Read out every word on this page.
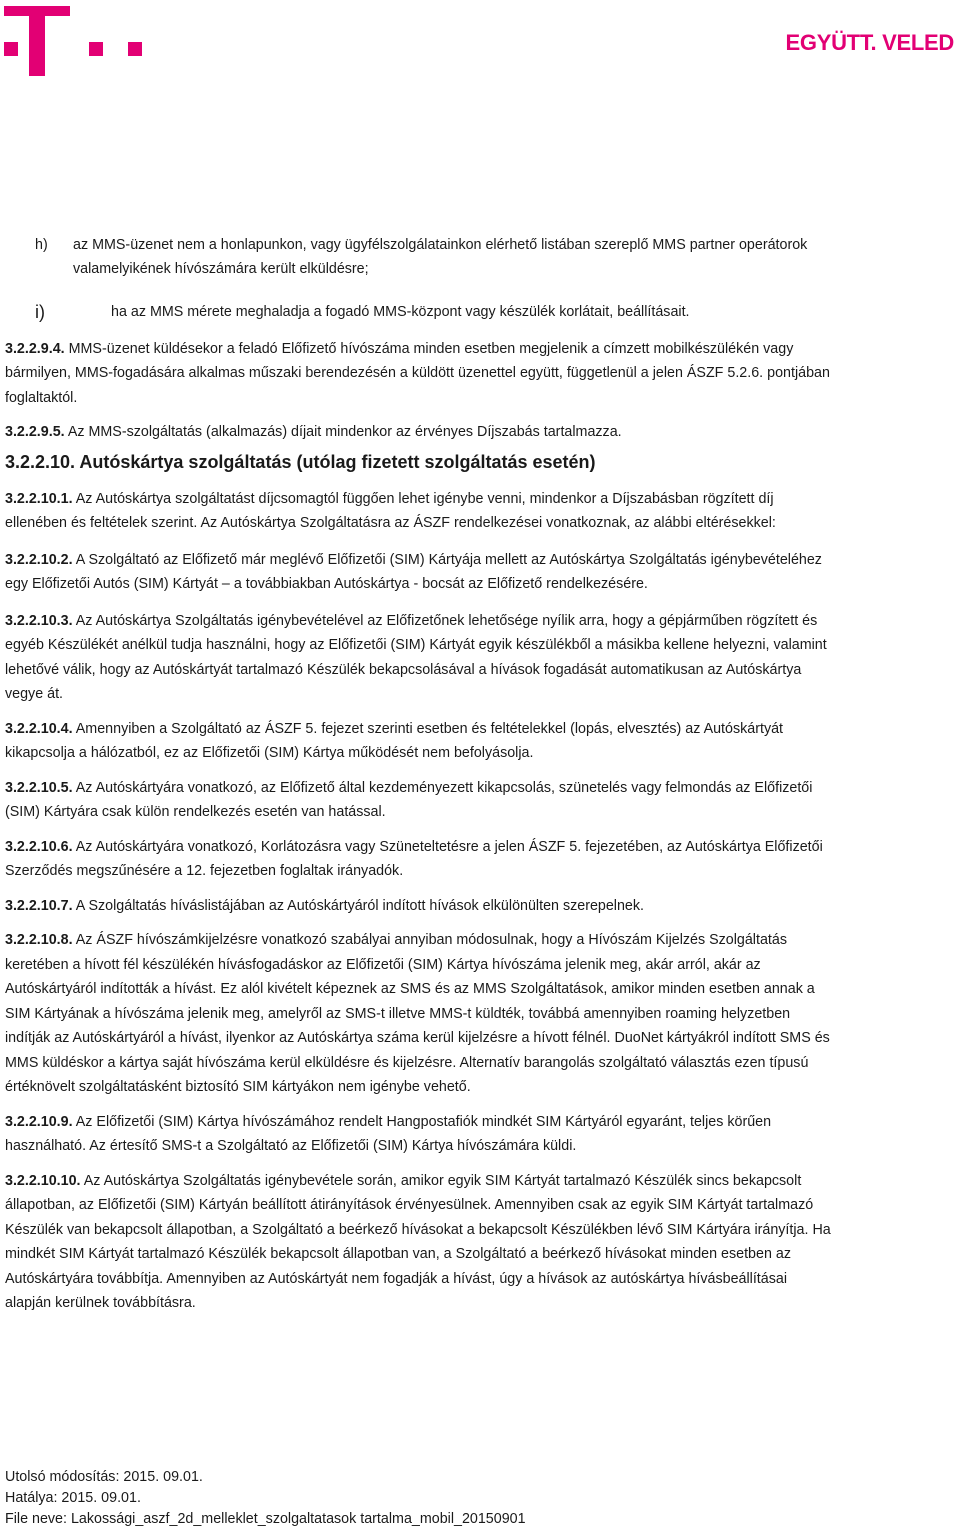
EGYÜTT. VELED

h)	az MMS-üzenet nem a honlapunkon, vagy ügyfélszolgálatainkon elérhető listában szereplő MMS partner operátorok valamelyikének hívószámára került elküldésre;
i)	ha az MMS mérete meghaladja a fogadó MMS-központ vagy készülék korlátait, beállításait.

3.2.2.9.4. MMS-üzenet küldésekor a feladó Előfizető hívószáma minden esetben megjelenik a címzett mobilkészülékén vagy bármilyen, MMS-fogadására alkalmas műszaki berendezésén a küldött üzenettel együtt, függetlenül a jelen ÁSZF 5.2.6. pontjában foglaltaktól.

3.2.2.9.5. Az MMS-szolgáltatás (alkalmazás) díjait mindenkor az érvényes Díjszabás tartalmazza.

3.2.2.10. Autóskártya szolgáltatás (utólag fizetett szolgáltatás esetén)

3.2.2.10.1. Az Autóskártya szolgáltatást díjcsomagtól függően lehet igénybe venni, mindenkor a Díjszabásban rögzített díj ellenében és feltételek szerint. Az Autóskártya Szolgáltatásra az ÁSZF rendelkezései vonatkoznak, az alábbi eltérésekkel:

3.2.2.10.2. A Szolgáltató az Előfizető már meglévő Előfizetői (SIM) Kártyája mellett az Autóskártya Szolgáltatás igénybevételéhez egy Előfizetői Autós (SIM) Kártyát – a továbbiakban Autóskártya - bocsát az Előfizető rendelkezésére.

3.2.2.10.3. Az Autóskártya Szolgáltatás igénybevételével az Előfizetőnek lehetősége nyílik arra, hogy a gépjárműben rögzített és egyéb Készülékét anélkül tudja használni, hogy az Előfizetői (SIM) Kártyát egyik készülékből a másikba kellene helyezni, valamint lehetővé válik, hogy az Autóskártyát tartalmazó Készülék bekapcsolásával a hívások fogadását automatikusan az Autóskártya vegye át.

3.2.2.10.4. Amennyiben a Szolgáltató az ÁSZF 5. fejezet szerinti esetben és feltételekkel (lopás, elvesztés) az Autóskártyát kikapcsolja a hálózatból, ez az Előfizetői (SIM) Kártya működését nem befolyásolja.

3.2.2.10.5. Az Autóskártyára vonatkozó, az Előfizető által kezdeményezett kikapcsolás, szünetelés vagy felmondás az Előfizetői (SIM) Kártyára csak külön rendelkezés esetén van hatással.

3.2.2.10.6. Az Autóskártyára vonatkozó, Korlátozásra vagy Szüneteltetésre a jelen ÁSZF 5. fejezetében, az Autóskártya Előfizetői Szerződés megszűnésére a 12. fejezetben foglaltak irányadók.

3.2.2.10.7. A Szolgáltatás híváslistájában az Autóskártyáról indított hívások elkülönülten szerepelnek.

3.2.2.10.8. Az ÁSZF hívószámkijelzésre vonatkozó szabályai annyiban módosulnak, hogy a Hívószám Kijelzés Szolgáltatás keretében a hívott fél készülékén hívásfogadáskor az Előfizetői (SIM) Kártya hívószáma jelenik meg, akár arról, akár az Autóskártyáról indították a hívást. Ez alól kivételt képeznek az SMS és az MMS Szolgáltatások, amikor minden esetben annak a SIM Kártyának a hívószáma jelenik meg, amelyről az SMS-t illetve MMS-t küldték, továbbá amennyiben roaming helyzetben indítják az Autóskártyáról a hívást, ilyenkor az Autóskártya száma kerül kijelzésre a hívott félnél. DuoNet kártyákról indított SMS és MMS küldéskor a kártya saját hívószáma kerül elküldésre és kijelzésre. Alternatív barangolás szolgáltató választás ezen típusú értéknövelt szolgáltatásként biztosító SIM kártyákon nem igénybe vehető.

3.2.2.10.9. Az Előfizetői (SIM) Kártya hívószámához rendelt Hangpostafiók mindkét SIM Kártyáról egyaránt, teljes körűen használható. Az értesítő SMS-t a Szolgáltató az Előfizetői (SIM) Kártya hívószámára küldi.

3.2.2.10.10. Az Autóskártya Szolgáltatás igénybevétele során, amikor egyik SIM Kártyát tartalmazó Készülék sincs bekapcsolt állapotban, az Előfizetői (SIM) Kártyán beállított átirányítások érvényesülnek. Amennyiben csak az egyik SIM Kártyát tartalmazó Készülék van bekapcsolt állapotban, a Szolgáltató a beérkező hívásokat a bekapcsolt Készülékben lévő SIM Kártyára irányítja. Ha mindkét SIM Kártyát tartalmazó Készülék bekapcsolt állapotban van, a Szolgáltató a beérkező hívásokat minden esetben az Autóskártyára továbbítja. Amennyiben az Autóskártyát nem fogadják a hívást, úgy a hívások az autóskártya hívásbeállításai alapján kerülnek továbbításra.

Utolsó módosítás: 2015. 09.01.
Hatálya: 2015. 09.01.
File neve: Lakossági_aszf_2d_melleklet_szolgaltatasok tartalma_mobil_20150901
